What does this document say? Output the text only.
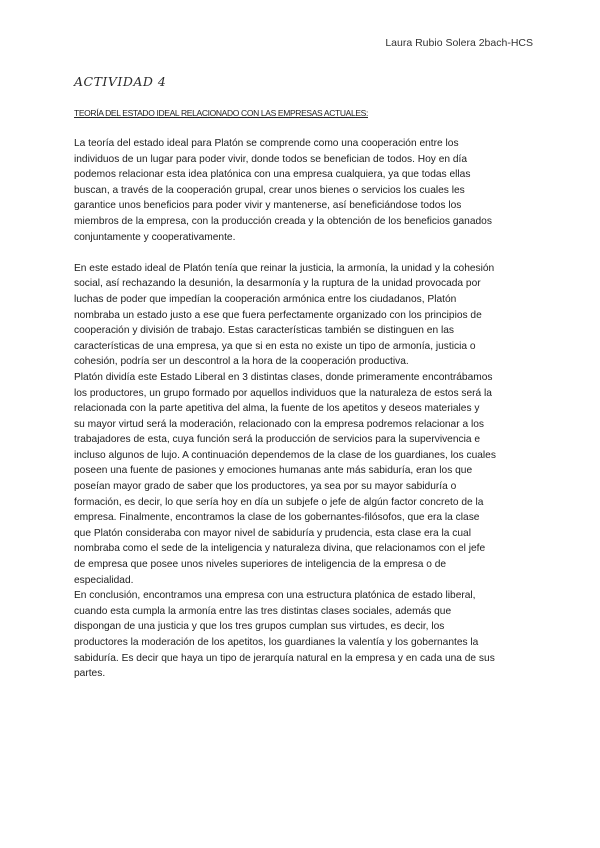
Laura Rubio Solera 2bach-HCS
ACTIVIDAD 4
TEORÍA DEL ESTADO IDEAL RELACIONADO CON LAS EMPRESAS ACTUALES:

La teoría del estado ideal para Platón se comprende como una cooperación entre los
individuos de un lugar para poder vivir, donde todos se benefician de todos. Hoy en día
podemos relacionar esta idea platónica con una empresa cualquiera, ya que todas ellas
buscan, a través de la cooperación grupal, crear unos bienes o servicios los cuales les
garantice unos beneficios para poder vivir y mantenerse, así beneficiándose todos los
miembros de la empresa, con la producción creada y la obtención de los beneficios ganados
conjuntamente y cooperativamente.

En este estado ideal de Platón tenía que reinar la justicia, la armonía, la unidad y la cohesión
social, así rechazando la desunión, la desarmonía y la ruptura de la unidad provocada por
luchas de poder que impedían la cooperación armónica entre los ciudadanos, Platón
nombraba un estado justo a ese que fuera perfectamente organizado con los principios de
cooperación y división de trabajo. Estas características también se distinguen en las
características de una empresa, ya que si en esta no existe un tipo de armonía, justicia o
cohesión, podría ser un descontrol a la hora de la cooperación productiva.

Platón dividía este Estado Liberal en 3 distintas clases, donde primeramente encontrábamos
los productores, un grupo formado por aquellos individuos que la naturaleza de estos será la
relacionada con la parte apetitiva del alma, la fuente de los apetitos y deseos materiales y
su mayor virtud será la moderación, relacionado con la empresa podremos relacionar a los
trabajadores de esta, cuya función será la producción de servicios para la supervivencia e
incluso algunos de lujo. A continuación dependemos de la clase de los guardianes, los cuales
poseen una fuente de pasiones y emociones humanas ante más sabiduría, eran los que
poseían mayor grado de saber que los productores, ya sea por su mayor sabiduría o
formación, es decir, lo que sería hoy en día un subjefe o jefe de algún factor concreto de la
empresa. Finalmente, encontramos la clase de los gobernantes-filósofos, que era la clase
que Platón consideraba con mayor nivel de sabiduría y prudencia, esta clase era la cual
nombraba como el sede de la inteligencia y naturaleza divina, que relacionamos con el jefe
de empresa que posee unos niveles superiores de inteligencia de la empresa o de
especialidad.

En conclusión, encontramos una empresa con una estructura platónica de estado liberal,
cuando esta cumpla la armonía entre las tres distintas clases sociales, además que
dispongan de una justicia y que los tres grupos cumplan sus virtudes, es decir, los
productores la moderación de los apetitos, los guardianes la valentía y los gobernantes la
sabiduría. Es decir que haya un tipo de jerarquía natural en la empresa y en cada una de sus
partes.
